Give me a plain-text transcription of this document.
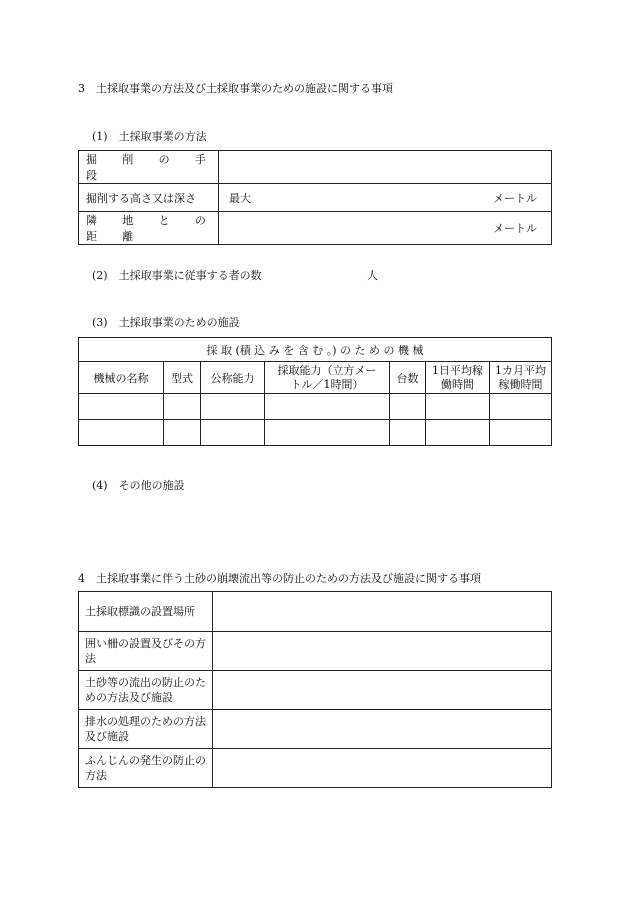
3　土採取事業の方法及び土採取事業のための施設に関する事項
(1)　土採取事業の方法
掘　削　の　手　段	
掘削する高さ又は深さ	最大 メートル

隣　地　と　の　距　離	メートル
(2)　土採取事業に従事する者の数	人
(3)　土採取事業のための施設
採 取 (積 込 み を 含 む 。) の た め の 機 械						
機械の名称	型式	公称能力	採取能力（立方メートル／1時間）	台数	1日平均稼働時間	1カ月平均稼働時間

(4)　その他の施設
4　土採取事業に伴う土砂の崩壊流出等の防止のための方法及び施設に関する事項
土採取標識の設置場所	
囲い柵の設置及びその方法	
土砂等の流出の防止のための方法及び施設	
排水の処理のための方法及び施設	
ふんじんの発生の防止の方法	
